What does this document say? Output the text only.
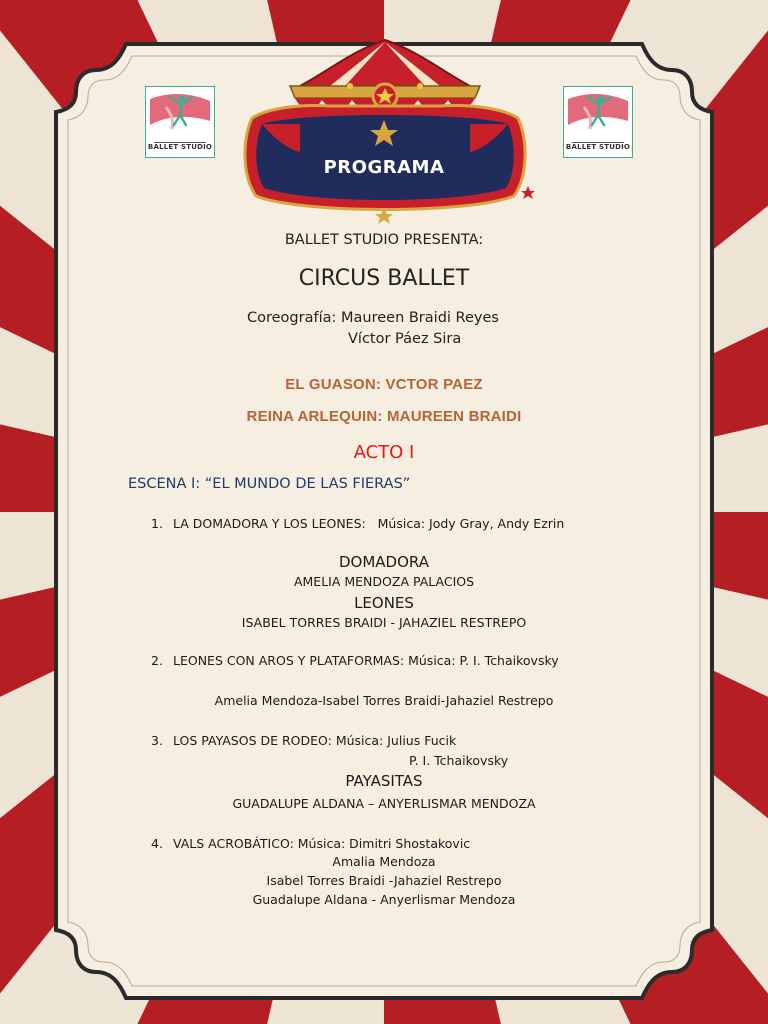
BALLET STUDIO	BALLET STUDIO
PROGRAMA
BALLET STUDIO PRESENTA:
CIRCUS BALLET
Coreografía: Maureen Braidi Reyes
Víctor Páez Sira
EL GUASON: VCTOR PAEZ
REINA ARLEQUIN: MAUREEN BRAIDI
ACTO I
ESCENA I: “EL MUNDO DE LAS FIERAS”
1. LA DOMADORA Y LOS LEONES:   Música: Jody Gray, Andy Ezrin
DOMADORA
AMELIA MENDOZA PALACIOS
LEONES
ISABEL TORRES BRAIDI - JAHAZIEL RESTREPO
2. LEONES CON AROS Y PLATAFORMAS: Música: P. I. Tchaikovsky
Amelia Mendoza-Isabel Torres Braidi-Jahaziel Restrepo
3. LOS PAYASOS DE RODEO: Música: Julius Fucik
P. I. Tchaikovsky
PAYASITAS
GUADALUPE ALDANA – ANYERLISMAR MENDOZA
4. VALS ACROBÁTICO: Música: Dimitri Shostakovic
Amalia Mendoza
Isabel Torres Braidi -Jahaziel Restrepo
Guadalupe Aldana - Anyerlismar Mendoza
